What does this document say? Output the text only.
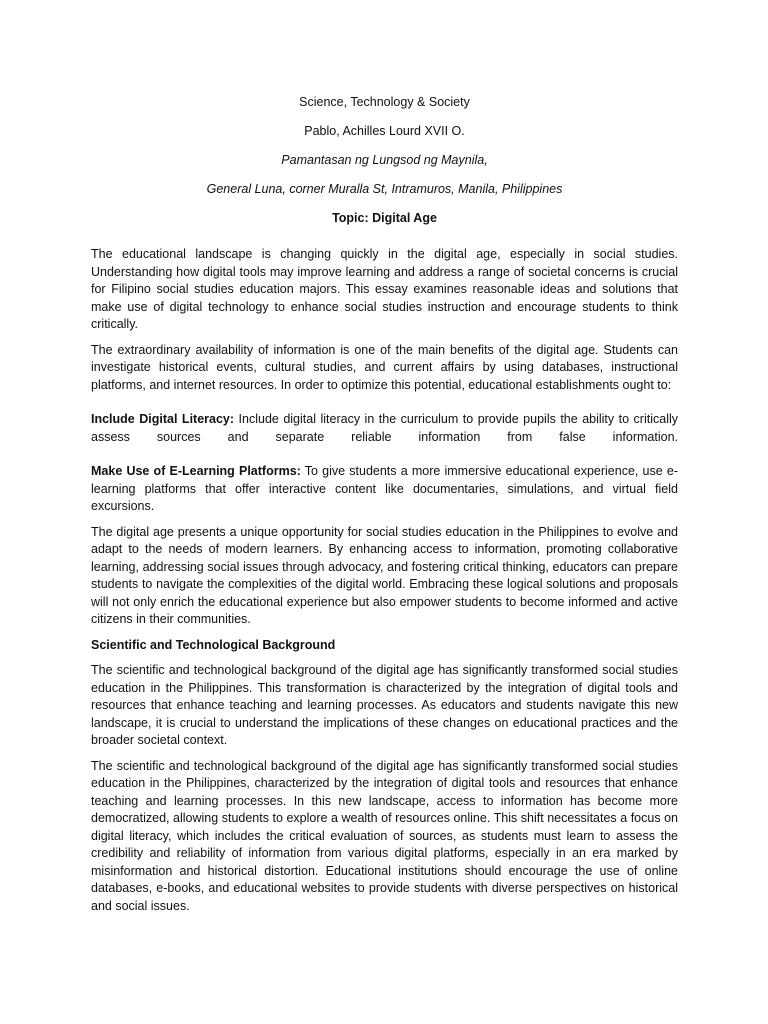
Science, Technology & Society

Pablo, Achilles Lourd XVII O.

Pamantasan ng Lungsod ng Maynila,

General Luna, corner Muralla St, Intramuros, Manila, Philippines

Topic: Digital Age

The educational landscape is changing quickly in the digital age, especially in social studies. Understanding how digital tools may improve learning and address a range of societal concerns is crucial for Filipino social studies education majors. This essay examines reasonable ideas and solutions that make use of digital technology to enhance social studies instruction and encourage students to think critically.

The extraordinary availability of information is one of the main benefits of the digital age. Students can investigate historical events, cultural studies, and current affairs by using databases, instructional platforms, and internet resources. In order to optimize this potential, educational establishments ought to:

Include Digital Literacy: Include digital literacy in the curriculum to provide pupils the ability to critically assess sources and separate reliable information from false information.

Make Use of E-Learning Platforms: To give students a more immersive educational experience, use e-learning platforms that offer interactive content like documentaries, simulations, and virtual field excursions.

The digital age presents a unique opportunity for social studies education in the Philippines to evolve and adapt to the needs of modern learners. By enhancing access to information, promoting collaborative learning, addressing social issues through advocacy, and fostering critical thinking, educators can prepare students to navigate the complexities of the digital world. Embracing these logical solutions and proposals will not only enrich the educational experience but also empower students to become informed and active citizens in their communities.

Scientific and Technological Background

The scientific and technological background of the digital age has significantly transformed social studies education in the Philippines. This transformation is characterized by the integration of digital tools and resources that enhance teaching and learning processes. As educators and students navigate this new landscape, it is crucial to understand the implications of these changes on educational practices and the broader societal context.

The scientific and technological background of the digital age has significantly transformed social studies education in the Philippines, characterized by the integration of digital tools and resources that enhance teaching and learning processes. In this new landscape, access to information has become more democratized, allowing students to explore a wealth of resources online. This shift necessitates a focus on digital literacy, which includes the critical evaluation of sources, as students must learn to assess the credibility and reliability of information from various digital platforms, especially in an era marked by misinformation and historical distortion. Educational institutions should encourage the use of online databases, e-books, and educational websites to provide students with diverse perspectives on historical and social issues.
